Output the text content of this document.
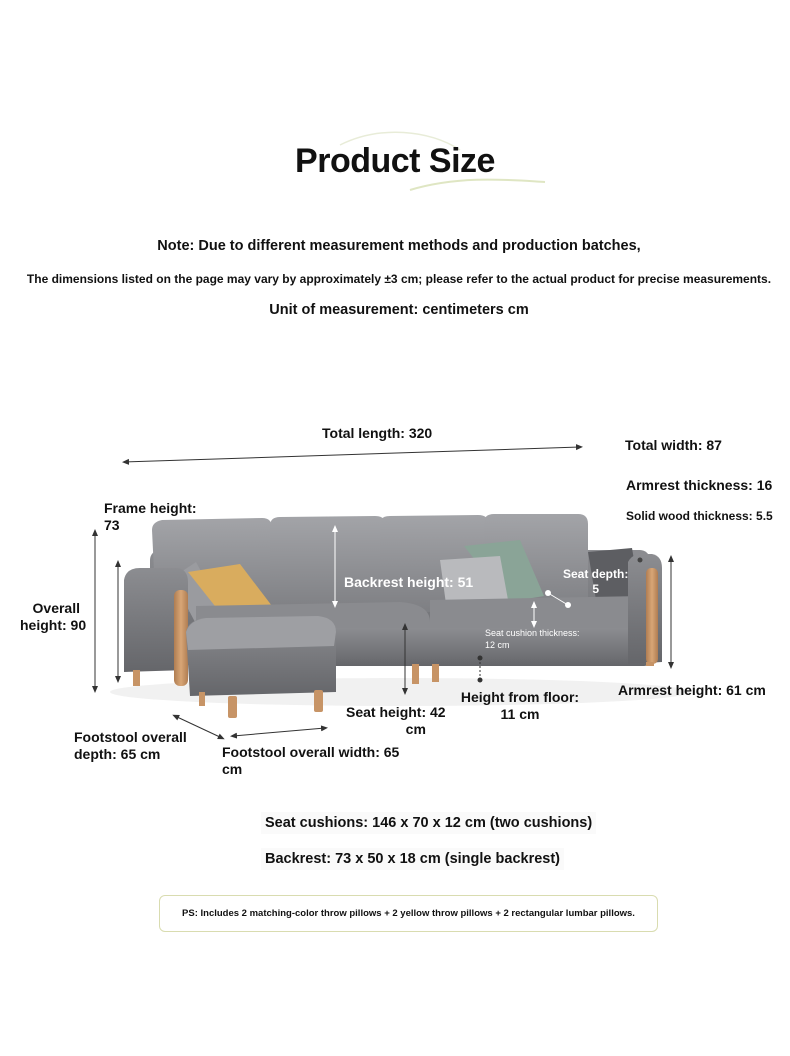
Product Size
Note: Due to different measurement methods and production batches,
The dimensions listed on the page may vary by approximately ±3 cm; please refer to the actual product for precise measurements.
Unit of measurement: centimeters cm
Total length: 320
Total width: 87
Armrest thickness: 16
Solid wood thickness: 5.5
Frame height:
73
Overall
height: 90
Backrest height: 51	Seat depth:
5
Seat cushion thickness:
12 cm
Armrest height: 61 cm
Height from floor:
11 cm
Seat height: 42
cm
Footstool overall
depth: 65 cm	Footstool overall width: 65
cm
Seat cushions: 146 x 70 x 12 cm (two cushions)
Backrest: 73 x 50 x 18 cm (single backrest)
PS: Includes 2 matching-color throw pillows + 2 yellow throw pillows + 2 rectangular lumbar pillows.
